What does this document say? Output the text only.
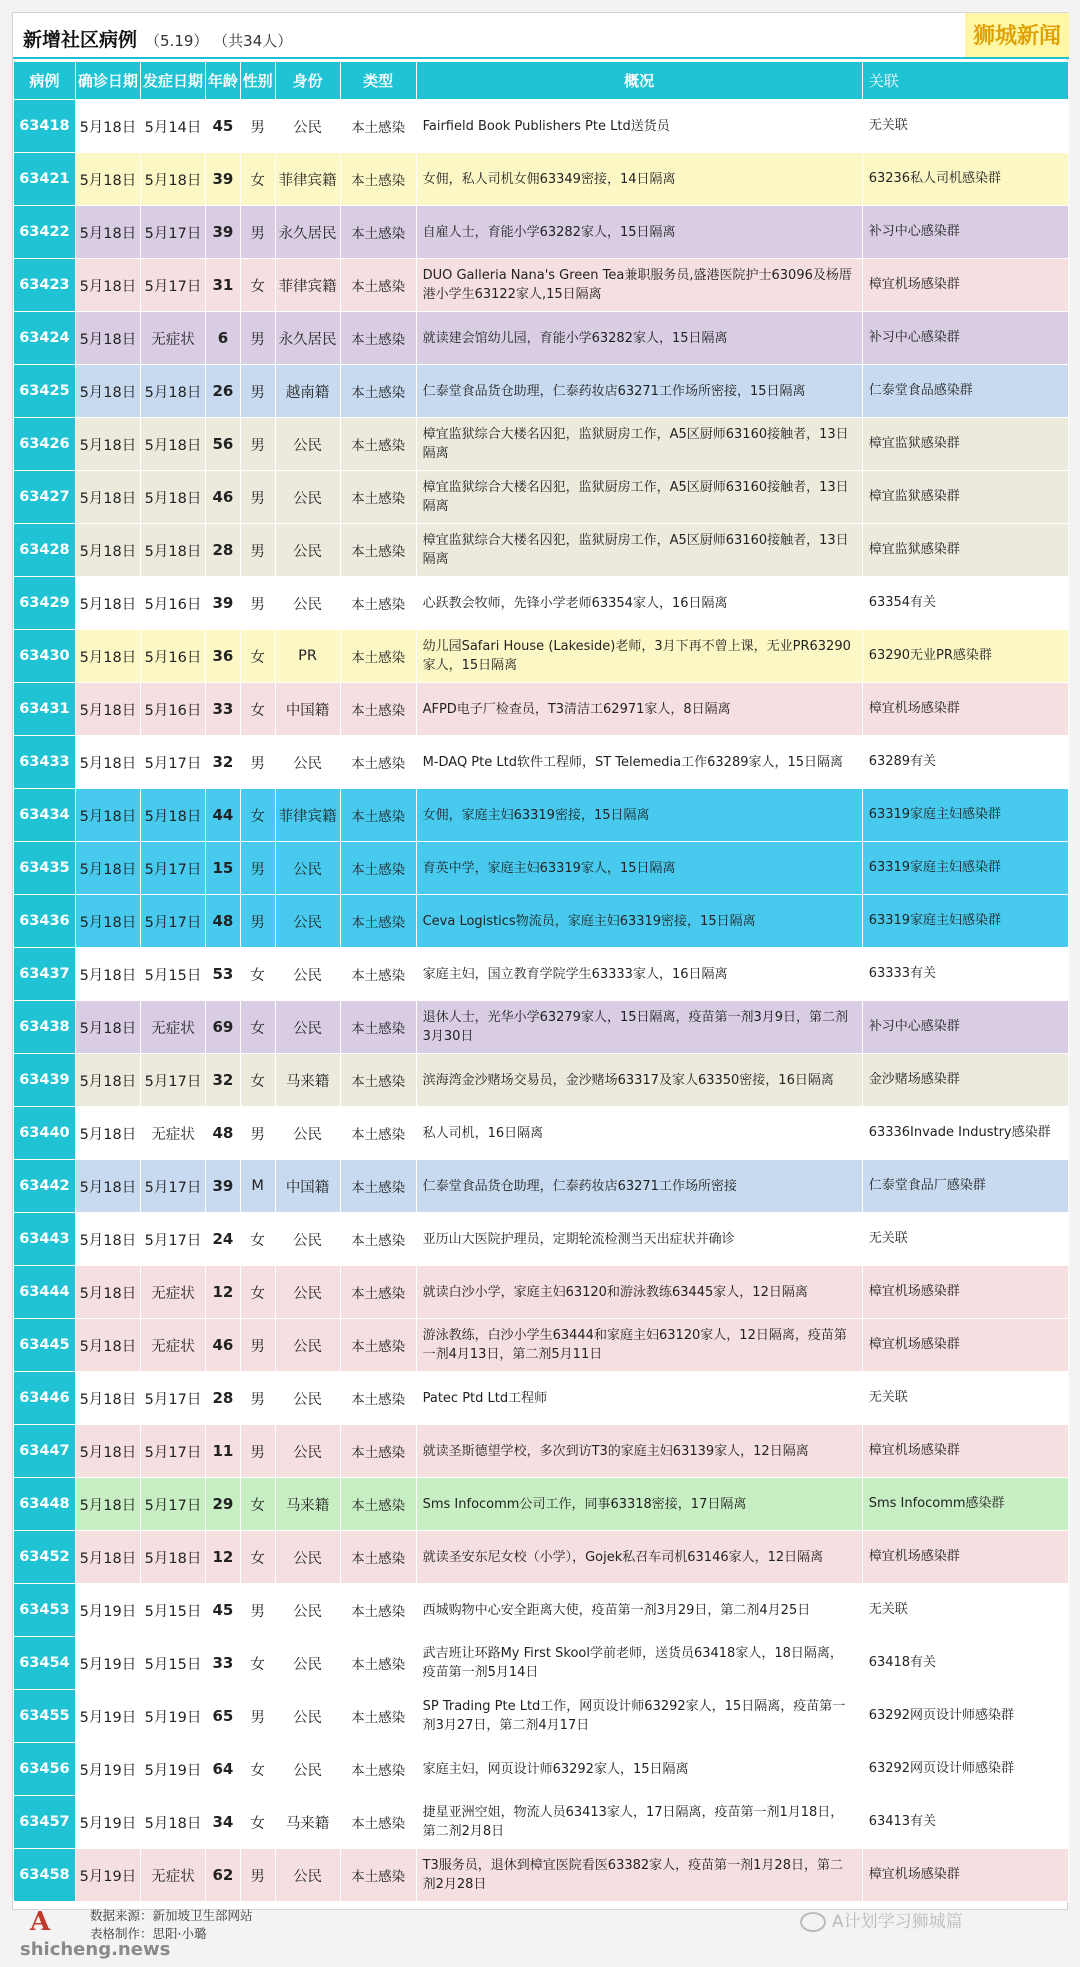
新增社区病例 （5.19） （共34人）	狮城新闻
病例	确诊日期	发症日期	年龄	性别	身份	类型	概况	关联
63418	5月18日	5月14日	45	男	公民	本土感染	Fairfield Book Publishers Pte Ltd送货员	无关联
63421	5月18日	5月18日	39	女	菲律宾籍	本土感染	女佣，私人司机女佣63349密接，14日隔离	63236私人司机感染群
63422	5月18日	5月17日	39	男	永久居民	本土感染	自雇人士，育能小学63282家人，15日隔离	补习中心感染群
63423	5月18日	5月17日	31	女	菲律宾籍	本土感染	DUO Galleria Nana's Green Tea兼职服务员,盛港医院护士63096及杨厝港小学生63122家人,15日隔离	樟宜机场感染群
63424	5月18日	无症状	6	男	永久居民	本土感染	就读建会馆幼儿园，育能小学63282家人，15日隔离	补习中心感染群
63425	5月18日	5月18日	26	男	越南籍	本土感染	仁泰堂食品货仓助理，仁泰药妆店63271工作场所密接，15日隔离	仁泰堂食品感染群
63426	5月18日	5月18日	56	男	公民	本土感染	樟宜监狱综合大楼名囚犯，监狱厨房工作，A5区厨师63160接触者，13日隔离	樟宜监狱感染群
63427	5月18日	5月18日	46	男	公民	本土感染	樟宜监狱综合大楼名囚犯，监狱厨房工作，A5区厨师63160接触者，13日隔离	樟宜监狱感染群
63428	5月18日	5月18日	28	男	公民	本土感染	樟宜监狱综合大楼名囚犯，监狱厨房工作，A5区厨师63160接触者，13日隔离	樟宜监狱感染群
63429	5月18日	5月16日	39	男	公民	本土感染	心跃教会牧师，先锋小学老师63354家人，16日隔离	63354有关
63430	5月18日	5月16日	36	女	PR	本土感染	幼儿园Safari House (Lakeside)老师，3月下再不曾上课，无业PR63290家人，15日隔离	63290无业PR感染群
63431	5月18日	5月16日	33	女	中国籍	本土感染	AFPD电子厂检查员，T3清洁工62971家人，8日隔离	樟宜机场感染群
63433	5月18日	5月17日	32	男	公民	本土感染	M-DAQ Pte Ltd软件工程师，ST Telemedia工作63289家人，15日隔离	63289有关
63434	5月18日	5月18日	44	女	菲律宾籍	本土感染	女佣，家庭主妇63319密接，15日隔离	63319家庭主妇感染群
63435	5月18日	5月17日	15	男	公民	本土感染	育英中学，家庭主妇63319家人，15日隔离	63319家庭主妇感染群
63436	5月18日	5月17日	48	男	公民	本土感染	Ceva Logistics物流员，家庭主妇63319密接，15日隔离	63319家庭主妇感染群
63437	5月18日	5月15日	53	女	公民	本土感染	家庭主妇，国立教育学院学生63333家人，16日隔离	63333有关
63438	5月18日	无症状	69	女	公民	本土感染	退休人士，光华小学63279家人，15日隔离，疫苗第一剂3月9日，第二剂3月30日	补习中心感染群
63439	5月18日	5月17日	32	女	马来籍	本土感染	滨海湾金沙赌场交易员，金沙赌场63317及家人63350密接，16日隔离	金沙赌场感染群
63440	5月18日	无症状	48	男	公民	本土感染	私人司机，16日隔离	63336Invade Industry感染群
63442	5月18日	5月17日	39	M	中国籍	本土感染	仁泰堂食品货仓助理，仁泰药妆店63271工作场所密接	仁泰堂食品厂感染群
63443	5月18日	5月17日	24	女	公民	本土感染	亚历山大医院护理员，定期轮流检测当天出症状并确诊	无关联
63444	5月18日	无症状	12	女	公民	本土感染	就读白沙小学，家庭主妇63120和游泳教练63445家人，12日隔离	樟宜机场感染群
63445	5月18日	无症状	46	男	公民	本土感染	游泳教练，白沙小学生63444和家庭主妇63120家人，12日隔离，疫苗第一剂4月13日，第二剂5月11日	樟宜机场感染群
63446	5月18日	5月17日	28	男	公民	本土感染	Patec Ptd Ltd工程师	无关联
63447	5月18日	5月17日	11	男	公民	本土感染	就读圣斯德望学校，多次到访T3的家庭主妇63139家人，12日隔离	樟宜机场感染群
63448	5月18日	5月17日	29	女	马来籍	本土感染	Sms Infocomm公司工作，同事63318密接，17日隔离	Sms Infocomm感染群
63452	5月18日	5月18日	12	女	公民	本土感染	就读圣安东尼女校（小学），Gojek私召车司机63146家人，12日隔离	樟宜机场感染群
63453	5月19日	5月15日	45	男	公民	本土感染	西城购物中心安全距离大使，疫苗第一剂3月29日，第二剂4月25日	无关联
63454	5月19日	5月15日	33	女	公民	本土感染	武吉班让环路My First Skool学前老师，送货员63418家人，18日隔离，疫苗第一剂5月14日	63418有关
63455	5月19日	5月19日	65	男	公民	本土感染	SP Trading Pte Ltd工作，网页设计师63292家人，15日隔离，疫苗第一剂3月27日，第二剂4月17日	63292网页设计师感染群
63456	5月19日	5月19日	64	女	公民	本土感染	家庭主妇，网页设计师63292家人，15日隔离	63292网页设计师感染群
63457	5月19日	5月18日	34	女	马来籍	本土感染	捷星亚洲空姐，物流人员63413家人，17日隔离，疫苗第一剂1月18日，第二剂2月8日	63413有关
63458	5月19日	无症状	62	男	公民	本土感染	T3服务员，退休到樟宜医院看医63382家人，疫苗第一剂1月28日，第二剂2月28日	樟宜机场感染群
A	数据来源：新加坡卫生部网站
表格制作：思阳·小璐
shicheng.news
A计划学习狮城篇
